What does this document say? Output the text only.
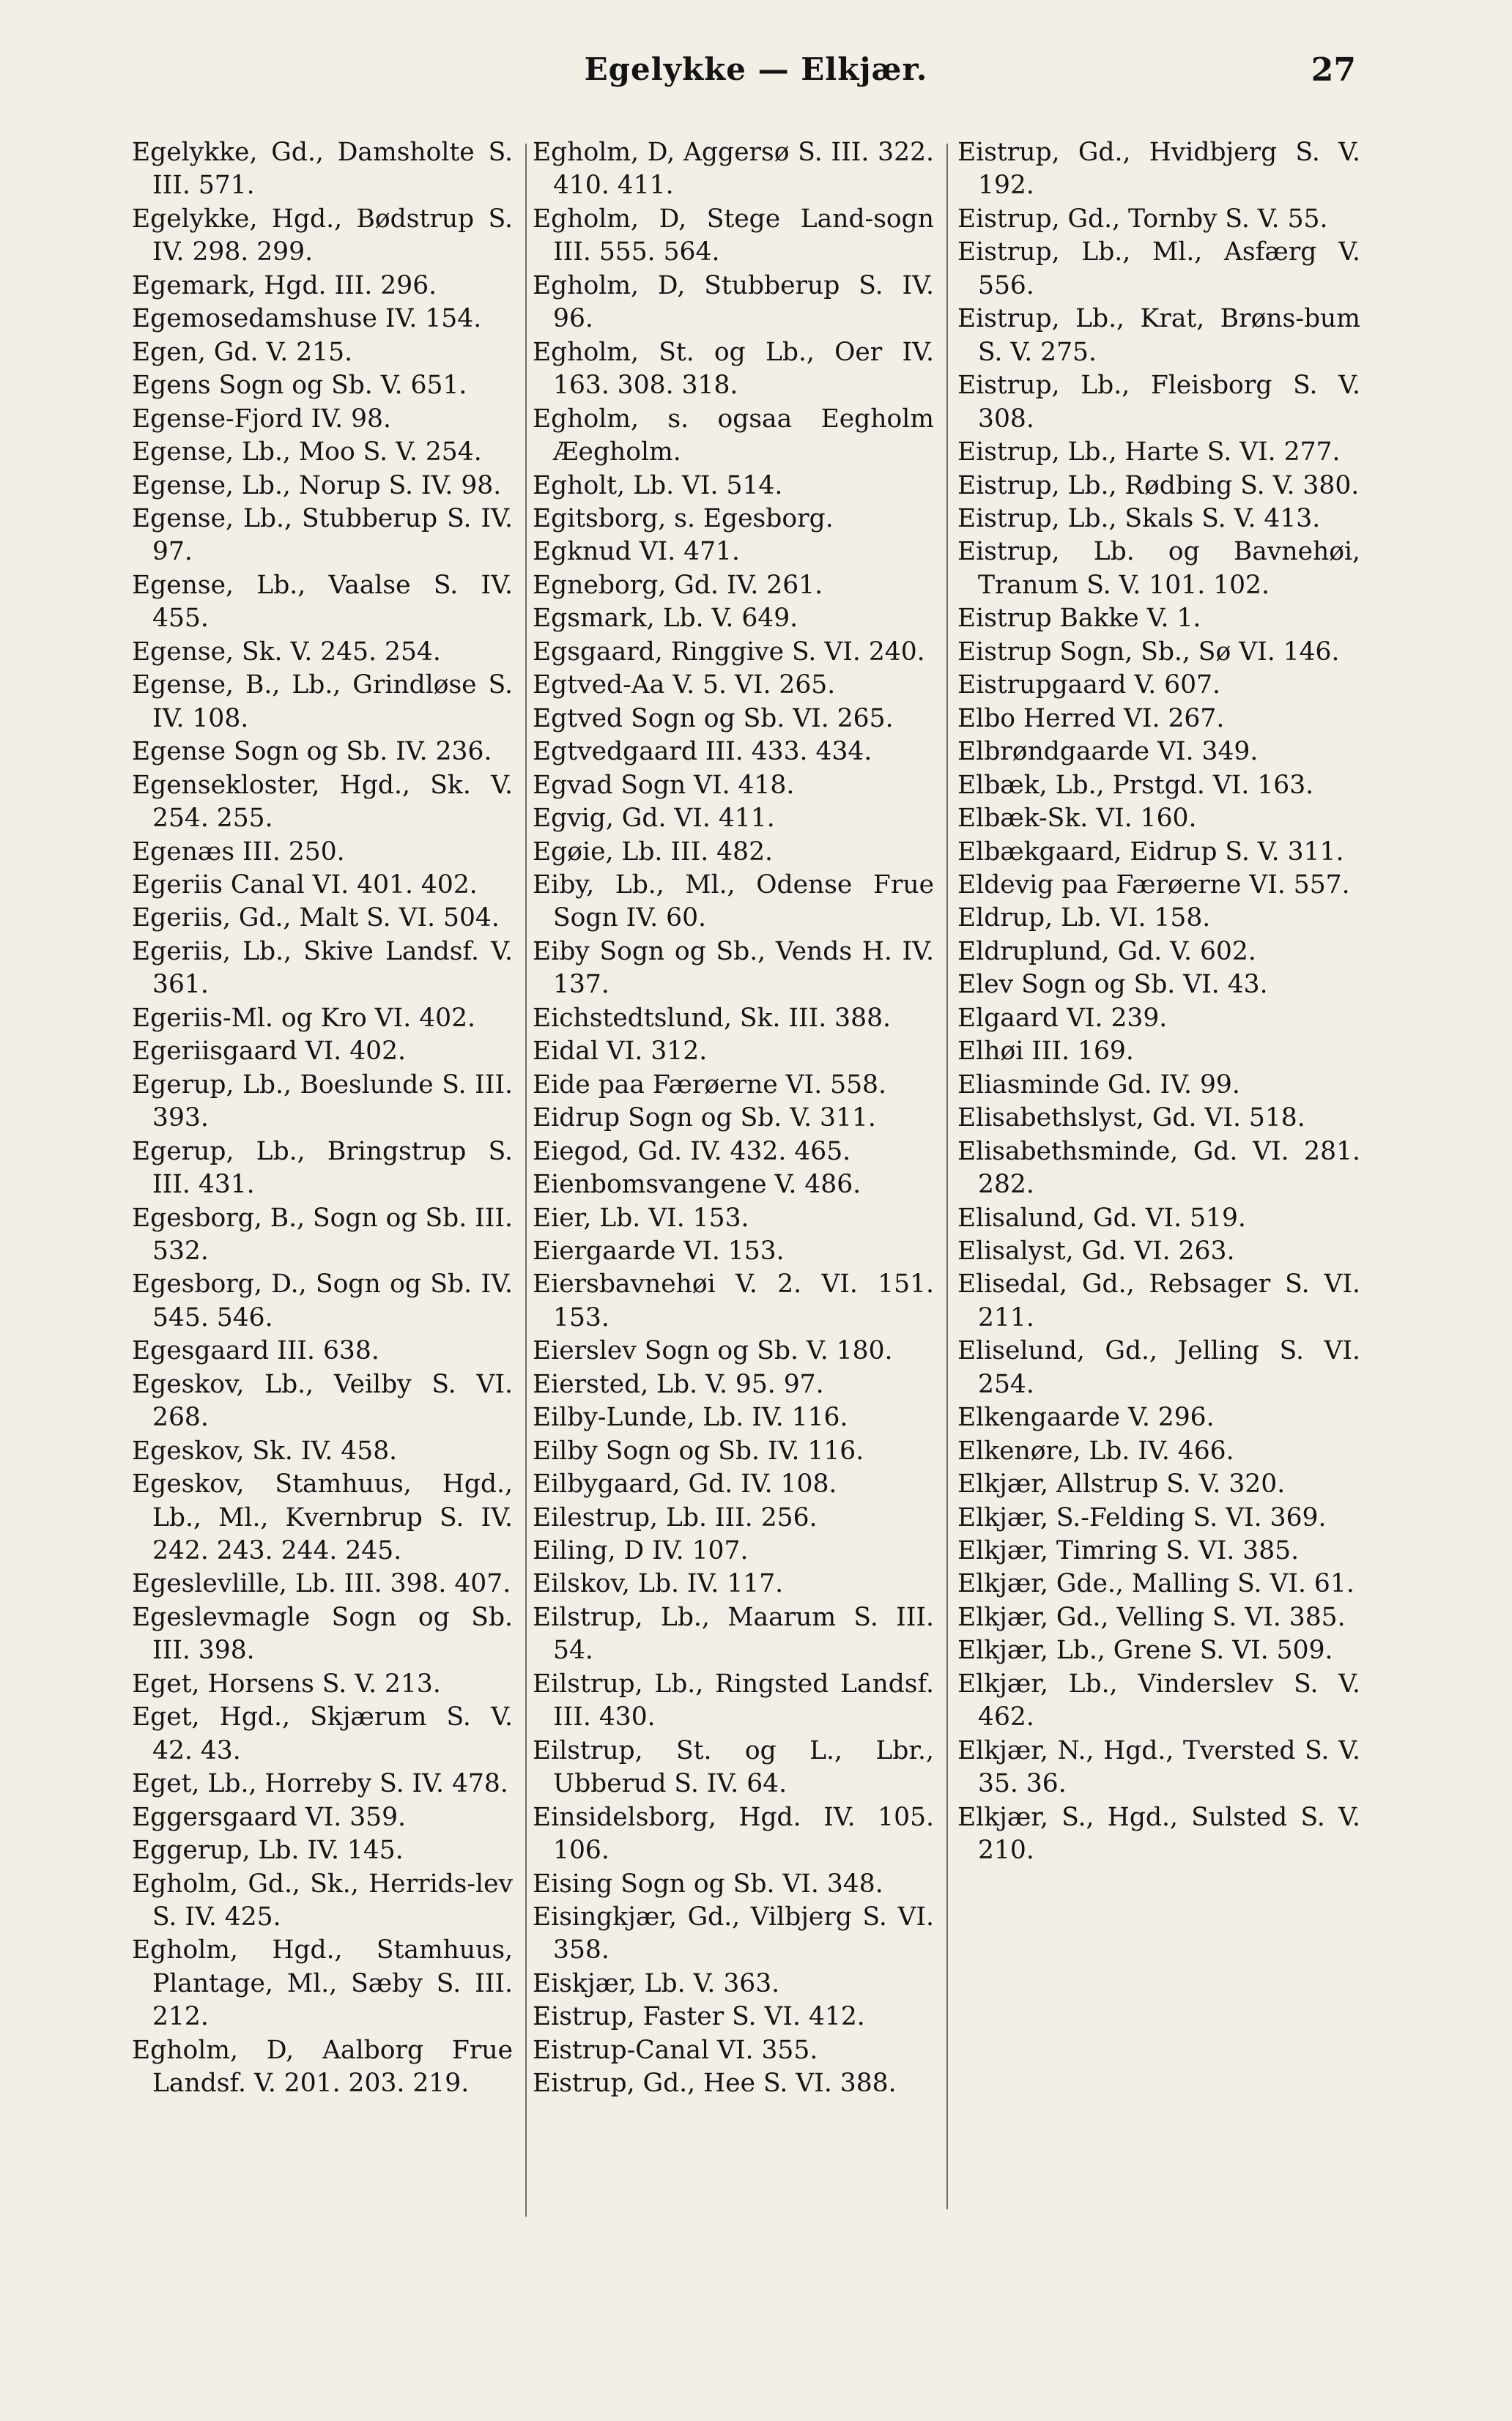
Egelykke — Elkjær.	27

Egelykke, Gd., Damsholte S. III. 571.

Egelykke, Hgd., Bødstrup S. IV. 298. 299.

Egemark, Hgd. III. 296.

Egemosedamshuse IV. 154.

Egen, Gd. V. 215.

Egens Sogn og Sb. V. 651.

Egense-Fjord IV. 98.

Egense, Lb., Moo S. V. 254.

Egense, Lb., Norup S. IV. 98.

Egense, Lb., Stubberup S. IV. 97.

Egense, Lb., Vaalse S. IV. 455.

Egense, Sk. V. 245. 254.

Egense, B., Lb., Grindløse S. IV. 108.

Egense Sogn og Sb. IV. 236.

Egensekloster, Hgd., Sk. V. 254. 255.

Egenæs III. 250.

Egeriis Canal VI. 401. 402.

Egeriis, Gd., Malt S. VI. 504.

Egeriis, Lb., Skive Landsf. V. 361.

Egeriis-Ml. og Kro VI. 402.

Egeriisgaard VI. 402.

Egerup, Lb., Boeslunde S. III. 393.

Egerup, Lb., Bringstrup S. III. 431.

Egesborg, B., Sogn og Sb. III. 532.

Egesborg, D., Sogn og Sb. IV. 545. 546.

Egesgaard III. 638.

Egeskov, Lb., Veilby S. VI. 268.

Egeskov, Sk. IV. 458.

Egeskov, Stamhuus, Hgd., Lb., Ml., Kvernbrup S. IV. 242. 243. 244. 245.

Egeslevlille, Lb. III. 398. 407.

Egeslevmagle Sogn og Sb. III. 398.

Eget, Horsens S. V. 213.

Eget, Hgd., Skjærum S. V. 42. 43.

Eget, Lb., Horreby S. IV. 478.

Eggersgaard VI. 359.

Eggerup, Lb. IV. 145.

Egholm, Gd., Sk., Herrids-lev S. IV. 425.

Egholm, Hgd., Stamhuus, Plantage, Ml., Sæby S. III. 212.

Egholm, D, Aalborg Frue Landsf. V. 201. 203. 219.

Egholm, D, Aggersø S. III. 322. 410. 411.

Egholm, D, Stege Land-sogn III. 555. 564.

Egholm, D, Stubberup S. IV. 96.

Egholm, St. og Lb., Oer IV. 163. 308. 318.

Egholm, s. ogsaa Eegholm Æegholm.

Egholt, Lb. VI. 514.

Egitsborg, s. Egesborg.

Egknud VI. 471.

Egneborg, Gd. IV. 261.

Egsmark, Lb. V. 649.

Egsgaard, Ringgive S. VI. 240.

Egtved-Aa V. 5. VI. 265.

Egtved Sogn og Sb. VI. 265.

Egtvedgaard III. 433. 434.

Egvad Sogn VI. 418.

Egvig, Gd. VI. 411.

Egøie, Lb. III. 482.

Eiby, Lb., Ml., Odense Frue Sogn IV. 60.

Eiby Sogn og Sb., Vends H. IV. 137.

Eichstedtslund, Sk. III. 388.

Eidal VI. 312.

Eide paa Færøerne VI. 558.

Eidrup Sogn og Sb. V. 311.

Eiegod, Gd. IV. 432. 465.

Eienbomsvangene V. 486.

Eier, Lb. VI. 153.

Eiergaarde VI. 153.

Eiersbavnehøi V. 2. VI. 151. 153.

Eierslev Sogn og Sb. V. 180.

Eiersted, Lb. V. 95. 97.

Eilby-Lunde, Lb. IV. 116.

Eilby Sogn og Sb. IV. 116.

Eilbygaard, Gd. IV. 108.

Eilestrup, Lb. III. 256.

Eiling, D IV. 107.

Eilskov, Lb. IV. 117.

Eilstrup, Lb., Maarum S. III. 54.

Eilstrup, Lb., Ringsted Landsf. III. 430.

Eilstrup, St. og L., Lbr., Ubberud S. IV. 64.

Einsidelsborg, Hgd. IV. 105. 106.

Eising Sogn og Sb. VI. 348.

Eisingkjær, Gd., Vilbjerg S. VI. 358.

Eiskjær, Lb. V. 363.

Eistrup, Faster S. VI. 412.

Eistrup-Canal VI. 355.

Eistrup, Gd., Hee S. VI. 388.

Eistrup, Gd., Hvidbjerg S. V. 192.

Eistrup, Gd., Tornby S. V. 55.

Eistrup, Lb., Ml., Asfærg V. 556.

Eistrup, Lb., Krat, Brøns-bum S. V. 275.

Eistrup, Lb., Fleisborg S. V. 308.

Eistrup, Lb., Harte S. VI. 277.

Eistrup, Lb., Rødbing S. V. 380.

Eistrup, Lb., Skals S. V. 413.

Eistrup, Lb. og Bavnehøi, Tranum S. V. 101. 102.

Eistrup Bakke V. 1.

Eistrup Sogn, Sb., Sø VI. 146.

Eistrupgaard V. 607.

Elbo Herred VI. 267.

Elbrøndgaarde VI. 349.

Elbæk, Lb., Prstgd. VI. 163.

Elbæk-Sk. VI. 160.

Elbækgaard, Eidrup S. V. 311.

Eldevig paa Færøerne VI. 557.

Eldrup, Lb. VI. 158.

Eldruplund, Gd. V. 602.

Elev Sogn og Sb. VI. 43.

Elgaard VI. 239.

Elhøi III. 169.

Eliasminde Gd. IV. 99.

Elisabethslyst, Gd. VI. 518.

Elisabethsminde, Gd. VI. 281. 282.

Elisalund, Gd. VI. 519.

Elisalyst, Gd. VI. 263.

Elisedal, Gd., Rebsager S. VI. 211.

Eliselund, Gd., Jelling S. VI. 254.

Elkengaarde V. 296.

Elkenøre, Lb. IV. 466.

Elkjær, Allstrup S. V. 320.

Elkjær, S.-Felding S. VI. 369.

Elkjær, Timring S. VI. 385.

Elkjær, Gde., Malling S. VI. 61.

Elkjær, Gd., Velling S. VI. 385.

Elkjær, Lb., Grene S. VI. 509.

Elkjær, Lb., Vinderslev S. V. 462.

Elkjær, N., Hgd., Tversted S. V. 35. 36.

Elkjær, S., Hgd., Sulsted S. V. 210.
